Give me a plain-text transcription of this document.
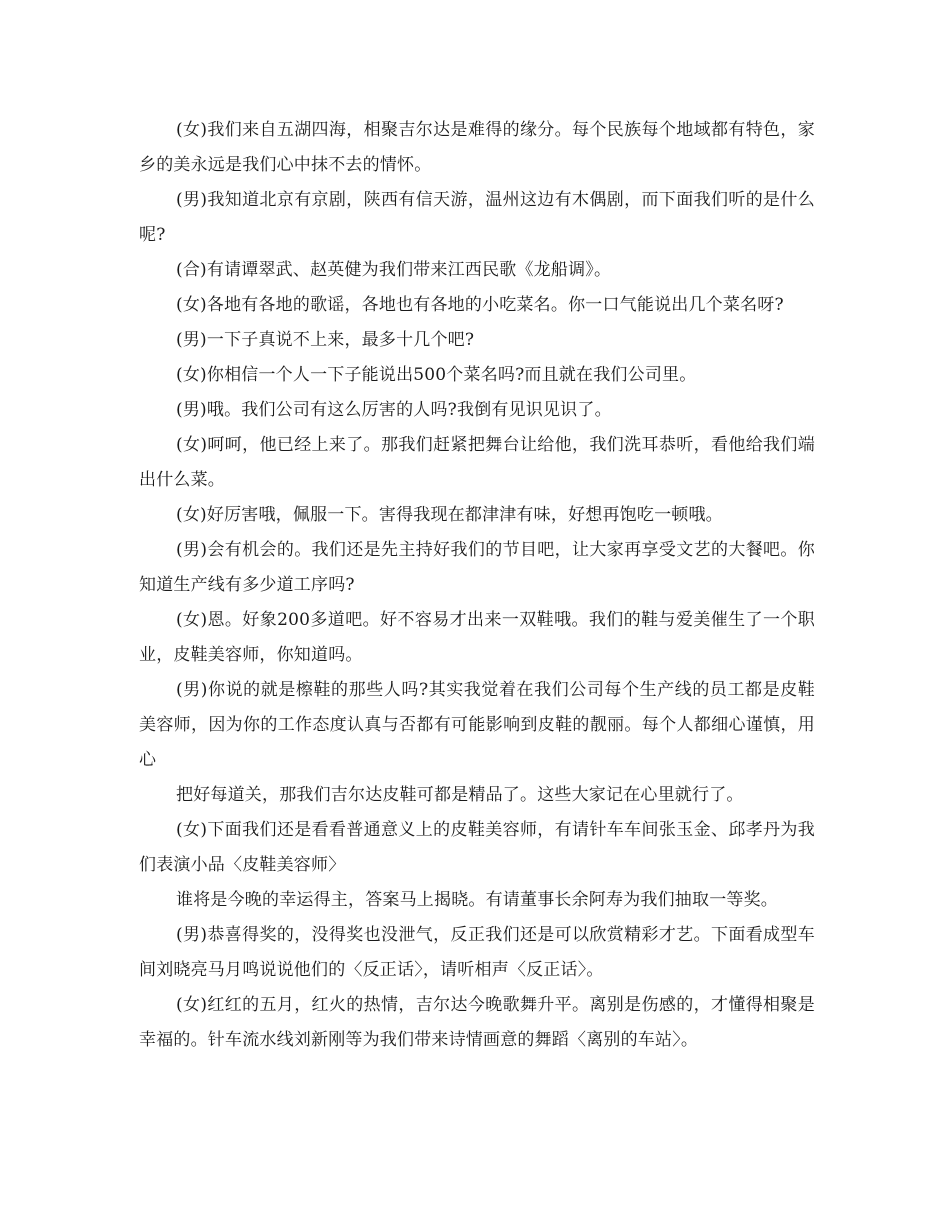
(女)我们来自五湖四海，相聚吉尔达是难得的缘分。每个民族每个地域都有特色，家乡的美永远是我们心中抹不去的情怀。

(男)我知道北京有京剧，陕西有信天游，温州这边有木偶剧，而下面我们听的是什么呢?

(合)有请谭翠武、赵英健为我们带来江西民歌《龙船调》。

(女)各地有各地的歌谣，各地也有各地的小吃菜名。你一口气能说出几个菜名呀?

(男)一下子真说不上来，最多十几个吧?

(女)你相信一个人一下子能说出500个菜名吗?而且就在我们公司里。

(男)哦。我们公司有这么厉害的人吗?我倒有见识见识了。

(女)呵呵，他已经上来了。那我们赶紧把舞台让给他，我们洗耳恭听，看他给我们端出什么菜。

(女)好厉害哦，佩服一下。害得我现在都津津有味，好想再饱吃一顿哦。

(男)会有机会的。我们还是先主持好我们的节目吧，让大家再享受文艺的大餐吧。你知道生产线有多少道工序吗?

(女)恩。好象200多道吧。好不容易才出来一双鞋哦。我们的鞋与爱美催生了一个职业，皮鞋美容师，你知道吗。

(男)你说的就是檫鞋的那些人吗?其实我觉着在我们公司每个生产线的员工都是皮鞋美容师，因为你的工作态度认真与否都有可能影响到皮鞋的靓丽。每个人都细心谨慎，用心

把好每道关，那我们吉尔达皮鞋可都是精品了。这些大家记在心里就行了。

(女)下面我们还是看看普通意义上的皮鞋美容师，有请针车车间张玉金、邱孝丹为我们表演小品〈皮鞋美容师〉

谁将是今晚的幸运得主，答案马上揭晓。有请董事长余阿寿为我们抽取一等奖。

(男)恭喜得奖的，没得奖也没泄气，反正我们还是可以欣赏精彩才艺。下面看成型车间刘晓亮马月鸣说说他们的〈反正话〉，请听相声〈反正话〉。

(女)红红的五月，红火的热情，吉尔达今晚歌舞升平。离别是伤感的，才懂得相聚是幸福的。针车流水线刘新刚等为我们带来诗情画意的舞蹈〈离别的车站〉。
